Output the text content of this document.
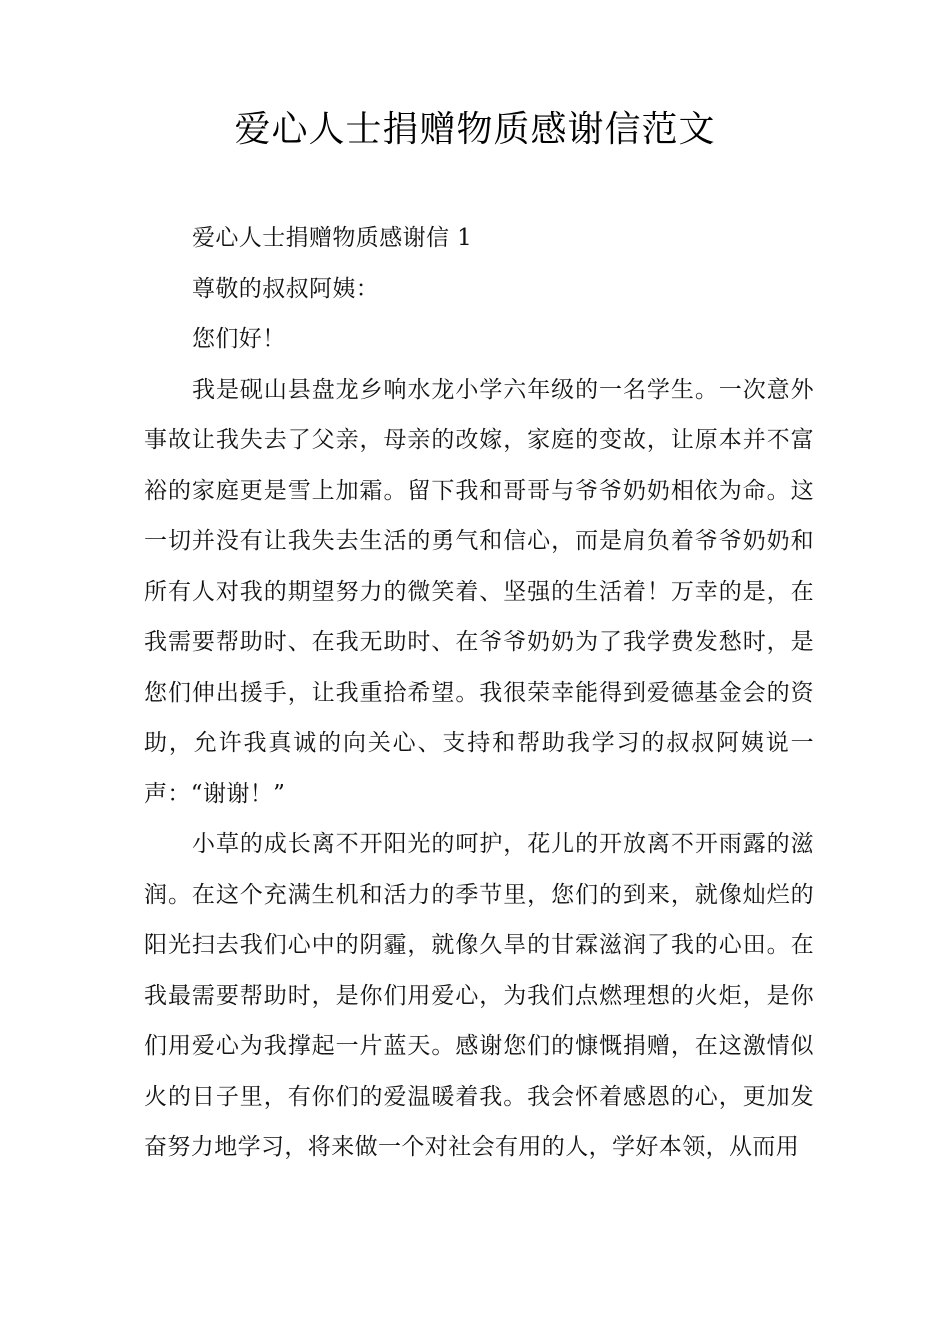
爱心人士捐赠物质感谢信范文

爱心人士捐赠物质感谢信 1

尊敬的叔叔阿姨：

您们好！

我是砚山县盘龙乡响水龙小学六年级的一名学生。一次意外事故让我失去了父亲，母亲的改嫁，家庭的变故，让原本并不富裕的家庭更是雪上加霜。留下我和哥哥与爷爷奶奶相依为命。这一切并没有让我失去生活的勇气和信心，而是肩负着爷爷奶奶和所有人对我的期望努力的微笑着、坚强的生活着！万幸的是，在我需要帮助时、在我无助时、在爷爷奶奶为了我学费发愁时，是您们伸出援手，让我重拾希望。我很荣幸能得到爱德基金会的资助，允许我真诚的向关心、支持和帮助我学习的叔叔阿姨说一声：“谢谢！”

小草的成长离不开阳光的呵护，花儿的开放离不开雨露的滋润。在这个充满生机和活力的季节里，您们的到来，就像灿烂的阳光扫去我们心中的阴霾，就像久旱的甘霖滋润了我的心田。在我最需要帮助时，是你们用爱心，为我们点燃理想的火炬，是你们用爱心为我撑起一片蓝天。感谢您们的慷慨捐赠，在这激情似火的日子里，有你们的爱温暖着我。我会怀着感恩的心，更加发奋努力地学习，将来做一个对社会有用的人，学好本领，从而用
